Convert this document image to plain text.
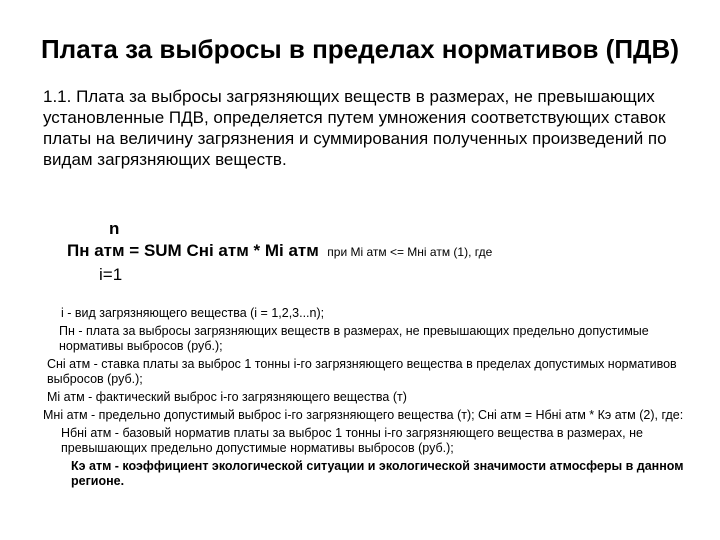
Плата за выбросы в пределах нормативов (ПДВ)
1.1. Плата за выбросы загрязняющих веществ в размерах, не превышающих установленные ПДВ, определяется путем умножения соответствующих ставок платы на величину загрязнения и суммирования полученных произведений по видам загрязняющих веществ.
n
Пн атм = SUM Снi атм * Мi атм при Мi атм <= Мнi атм (1), где
i=1

i - вид загрязняющего вещества (i = 1,2,3...n);

Пн - плата за выбросы загрязняющих веществ в размерах, не превышающих предельно допустимые нормативы выбросов (руб.);

Снi атм - ставка платы за выброс 1 тонны i-го загрязняющего вещества в пределах допустимых нормативов выбросов (руб.);

Мi атм - фактический выброс i-го загрязняющего вещества (т)

Мнi атм - предельно допустимый выброс i-го загрязняющего вещества (т); Снi атм = Нбнi атм * Кэ атм (2), где:

Нбнi атм - базовый норматив платы за выброс 1 тонны i-го загрязняющего вещества в размерах, не превышающих предельно допустимые нормативы выбросов (руб.);

Кэ атм - коэффициент экологической ситуации и экологической значимости атмосферы в данном регионе.
